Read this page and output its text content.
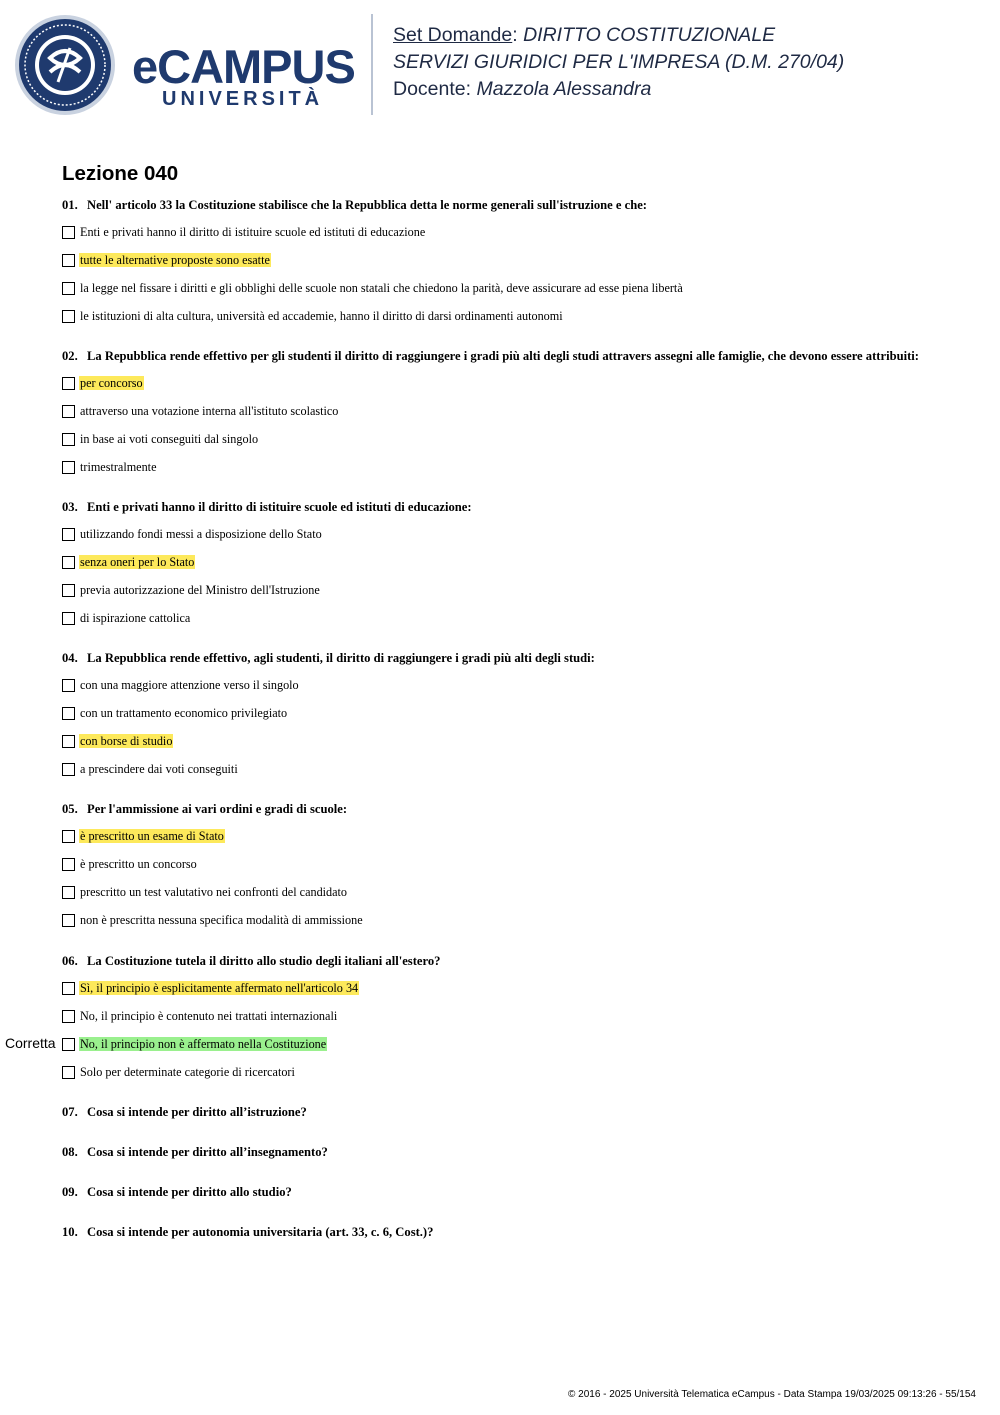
eCAMPUS
UNIVERSITÀ
Set Domande: DIRITTO COSTITUZIONALE
SERVIZI GIURIDICI PER L'IMPRESA (D.M. 270/04)
Docente: Mazzola Alessandra
Lezione 040
01. Nell' articolo 33 la Costituzione stabilisce che la Repubblica detta le norme generali sull'istruzione e che:
Enti e privati hanno il diritto di istituire scuole ed istituti di educazione
tutte le alternative proposte sono esatte
la legge nel fissare i diritti e gli obblighi delle scuole non statali che chiedono la parità, deve assicurare ad esse piena libertà
le istituzioni di alta cultura, università ed accademie, hanno il diritto di darsi ordinamenti autonomi
02. La Repubblica rende effettivo per gli studenti il diritto di raggiungere i gradi più alti degli studi attravers assegni alle famiglie, che devono essere attribuiti:
per concorso
attraverso una votazione interna all'istituto scolastico
in base ai voti conseguiti dal singolo
trimestralmente
03. Enti e privati hanno il diritto di istituire scuole ed istituti di educazione:
utilizzando fondi messi a disposizione dello Stato
senza oneri per lo Stato
previa autorizzazione del Ministro dell'Istruzione
di ispirazione cattolica
04. La Repubblica rende effettivo, agli studenti, il diritto di raggiungere i gradi più alti degli studi:
con una maggiore attenzione verso il singolo
con un trattamento economico privilegiato
con borse di studio
a prescindere dai voti conseguiti
05. Per l'ammissione ai vari ordini e gradi di scuole:
è prescritto un esame di Stato
è prescritto un concorso
prescritto un test valutativo nei confronti del candidato
non è prescritta nessuna specifica modalità di ammissione
06. La Costituzione tutela il diritto allo studio degli italiani all'estero?
Sì, il principio è esplicitamente affermato nell'articolo 34
No, il principio è contenuto nei trattati internazionali
No, il principio non è affermato nella Costituzione
Corretta
Solo per determinate categorie di ricercatori
07. Cosa si intende per diritto all’istruzione?
08. Cosa si intende per diritto all’insegnamento?
09. Cosa si intende per diritto allo studio?
10. Cosa si intende per autonomia universitaria (art. 33, c. 6, Cost.)?
© 2016 - 2025 Università Telematica eCampus - Data Stampa 19/03/2025 09:13:26 - 55/154
